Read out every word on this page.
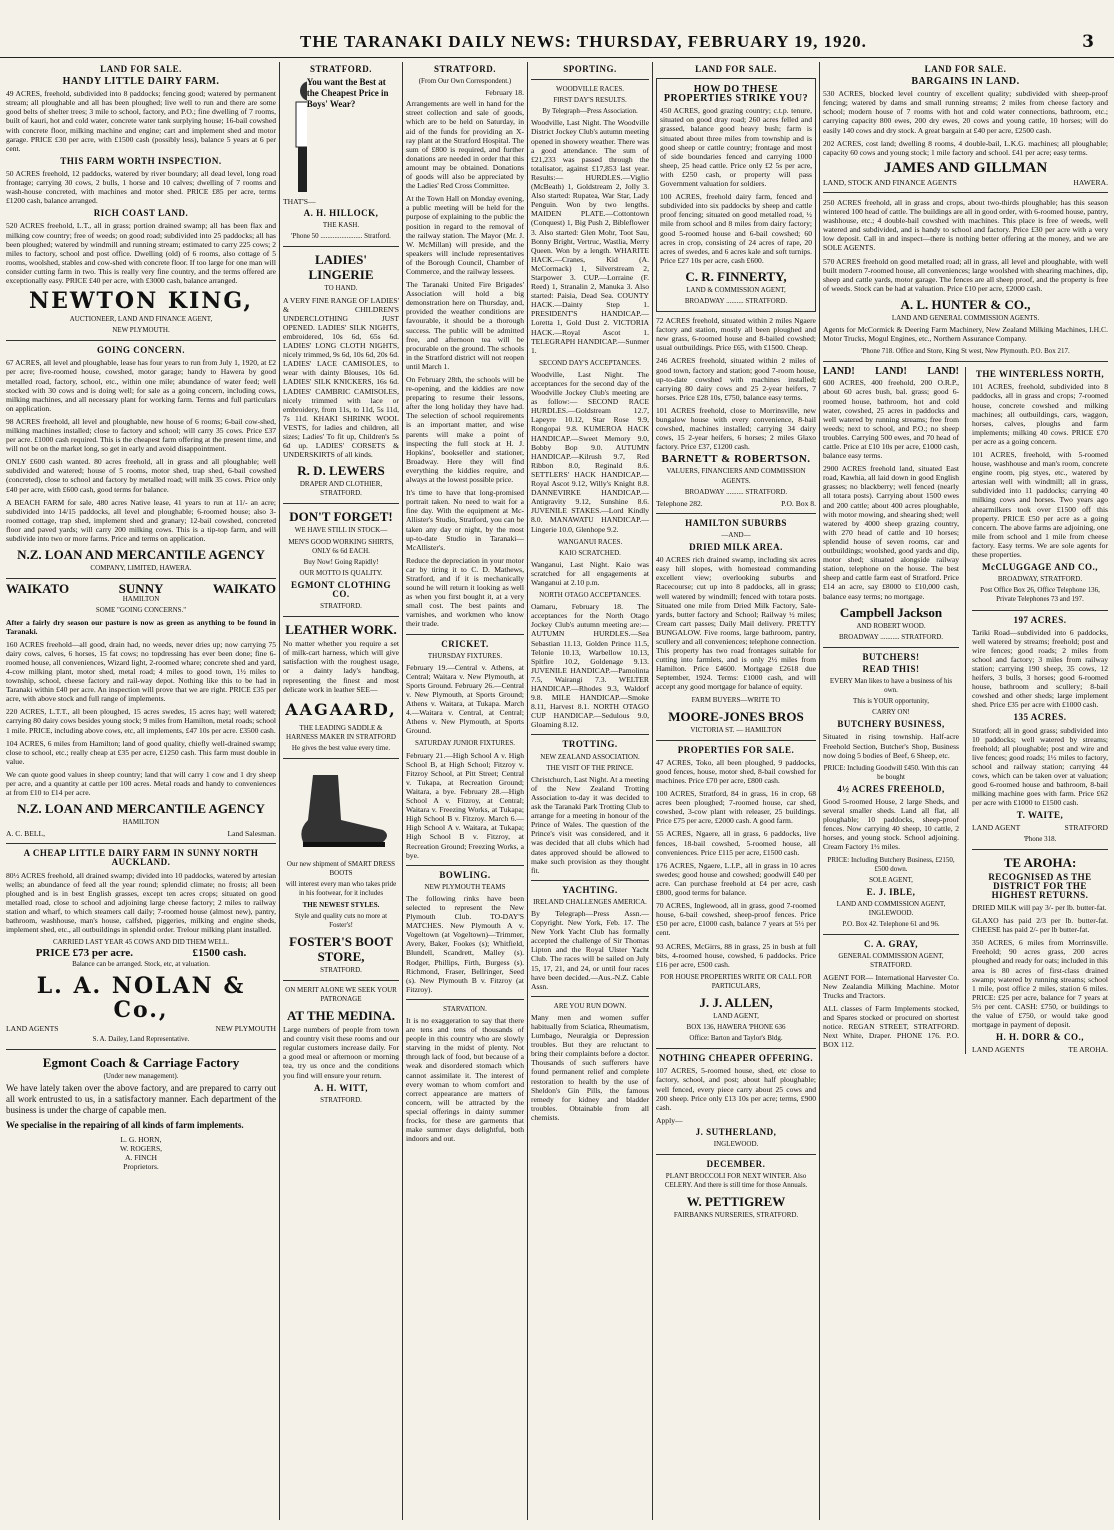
THE TARANAKI DAILY NEWS: THURSDAY, FEBRUARY 19, 1920.	3
LAND FOR SALE.
HANDY LITTLE DAIRY FARM.
49 ACRES, freehold, subdivided into 8 paddocks; fencing good; watered by permanent stream; all ploughable and all has been ploughed; live well to run and there are some good belts of shelter trees; 3 mile to school, factory, and P.O.; fine dwelling of 7 rooms, built of kauri, hot and cold water, concrete water tank surplying house; 16-bail cowshed with concrete floor, milking machine and engine; cart and implement shed and motor garage. PRICE £30 per acre, with £1500 cash (possibly less), balance 5 years at 6 per cent.
THIS FARM WORTH INSPECTION.
50 ACRES freehold, 12 paddocks, watered by river boundary; all dead level, long road frontage; carrying 30 cows, 2 bulls, 1 horse and 10 calves; dwelling of 7 rooms and wash-house concreted, with machines and motor shed. PRICE £85 per acre, terms £1200 cash, balance arranged.
RICH COAST LAND.
520 ACRES freehold, L.T., all in grass; portion drained swamp; all has been flax and milking cow country; free of weeds; on good road; subdivided into 25 paddocks; all has been ploughed; watered by windmill and running stream; estimated to carry 225 cows; 2 miles to factory, school and post office. Dwelling (old) of 6 rooms, also cottage of 5 rooms, woolshed, stables and cow-shed with concrete floor. If too large for one man will consider cutting farm in two. This is really very fine country, and the terms offered are exceptionally easy. PRICE £40 per acre, with £3000 cash, balance arranged.
NEWTON KING,
AUCTIONEER, LAND AND FINANCE AGENT,
NEW PLYMOUTH.
GOING CONCERN.
67 ACRES, all level and ploughable, lease has four years to run from July 1, 1920, at £2 per acre; five-roomed house, cowshed, motor garage; handy to Hawera by good metalled road, factory, school, etc., within one mile; abundance of water feed; well stocked with 30 cows and is doing well; for sale as a going concern, including cows, milking machines, and all necessary plant for working farm. Terms and full particulars on application.
98 ACRES freehold, all level and ploughable, new house of 6 rooms; 6-bail cow-shed, milking machines installed; close to factory and school; will carry 35 cows. Price £37 per acre. £1000 cash required. This is the cheapest farm offering at the present time, and will not be on the market long, so get in early and avoid disappointment.
ONLY £600 cash wanted. 80 acres freehold, all in grass and all ploughable; well subdivided and watered; house of 5 rooms, motor shed, trap shed, 6-bail cowshed (concreted), close to school and factory by metalled road; will milk 35 cows. Price only £40 per acre, with £600 cash, good terms for balance.
A BEACH FARM for sale, 480 acres Native lease, 41 years to run at 11/- an acre; subdivided into 14/15 paddocks, all level and ploughable; 6-roomed house; also 3-roomed cottage, trap shed, implement shed and granary; 12-bail cowshed, concreted floor and paved yards; will carry 200 milking cows. This is a tip-top farm, and will subdivide into two or more farms. Price and terms on application.
N.Z. LOAN AND MERCANTILE AGENCY
COMPANY, LIMITED, HAWERA.
WAIKATO	SUNNY	WAIKATO
HAMILTON
SOME "GOING CONCERNS."
After a fairly dry season our pasture is now as green as anything to be found in Taranaki.
160 ACRES freehold—all good, drain had, no weeds, never dries up; now carrying 75 dairy cows, calves, 6 horses, 15 fat cows; no topdressing has ever been done; fine 6-roomed house, all conveniences, Wizard light, 2-roomed whare; concrete shed and yard, 4-cow milking plant, motor shed, metal road; 4 miles to good town, 1½ miles to township, school, cheese factory and rail-way depot. Nothing like this to be had in Taranaki within £40 per acre. An inspection will prove that we are right. PRICE £35 per acre, with above stock and full range of implements.
220 ACRES, L.T.T., all been ploughed, 15 acres swedes, 15 acres hay; well watered; carrying 80 dairy cows besides young stock; 9 miles from Hamilton, metal roads; school 1 mile. PRICE, including above cows, etc, all implements, £47 10s per acre. £3500 cash.
104 ACRES, 6 miles from Hamilton; land of good quality, chiefly well-drained swamp; close to school, etc.; really cheap at £35 per acre, £1250 cash. This farm must double in value.
We can quote good values in sheep country; land that will carry 1 cow and 1 dry sheep per acre, and a quantity at cattle per 100 acres. Metal roads and handy to conveniences at from £10 to £14 per acre.
N.Z. LOAN AND MERCANTILE AGENCY
HAMILTON
A. C. BELL,	Land Salesman.
A CHEAP LITTLE DAIRY FARM IN SUNNY NORTH AUCKLAND.
80½ ACRES freehold, all drained swamp; divided into 10 paddocks, watered by artesian wells; an abundance of feed all the year round; splendid climate; no frosts; all been ploughed and is in best English grasses, except ten acres crops; situated on good metalled road, close to school and adjoining large cheese factory; 2 miles to railway station and wharf, to which steamers call daily; 7-roomed house (almost new), pantry, bathroom, washhouse, man's house, calfshed, piggeries, milking and engine sheds, implement shed, etc., all outbuildings in splendid order. Trelour milking plant installed.
CARRIED LAST YEAR 45 COWS AND DID THEM WELL.
PRICE £73 per acre.	£1500 cash.
Balance can be arranged. Stock, etc, at valuation.
L. A. NOLAN & Co.,
LAND AGENTS	NEW PLYMOUTH
S. A. Dailey, Land Representative.
Egmont Coach & Carriage Factory
(Under new management).
We have lately taken over the above factory, and are prepared to carry out all work entrusted to us, in a satisfactory manner. Each department of the business is under the charge of capable men.
We specialise in the repairing of all kinds of farm implements.
L. G. HORN,
W. ROGERS,
A. FINCH
Proprietors.
STRATFORD.
You want the Best at the Cheapest Price in Boys' Wear?
THAT'S—
A. H. HILLOCK,
THE KASH.
'Phone 50 ........................ Stratford.
LADIES' LINGERIE
TO HAND.
A VERY FINE RANGE OF LADIES' & CHILDREN'S UNDERCLOTHING JUST OPENED. LADIES' SILK NIGHTS, embroidered, 10s 6d, 65s 6d. LADIES' LONG CLOTH NIGHTS, nicely trimmed, 9s 6d, 10s 6d, 20s 6d. LADIES' LACE CAMISOLES, to wear with dainty Blouses, 10s 6d. LADIES' SILK KNICKERS, 16s 6d. LADIES' CAMBRIC CAMISOLES, nicely trimmed with lace or embroidery, from 11s, to 11d, 5s 11d, 7s 11d. KHAKI SHRINK WOOL VESTS, for ladies and children, all sizes; Ladies' To fit up, Children's 5s 6d up. LADIES' CORSETS & UNDERSKIRTS of all kinds.
R. D. LEWERS
DRAPER AND CLOTHIER, STRATFORD.
DON'T FORGET!
WE HAVE STILL IN STOCK—
MEN'S GOOD WORKING SHIRTS, ONLY 6s 6d EACH.
Buy Now! Going Rapidly!
OUR MOTTO IS QUALITY.
EGMONT CLOTHING CO.
STRATFORD.
LEATHER WORK.
No matter whether you require a set of milk-cart harness, which will give satisfaction with the roughest usage, or a dainty lady's handbag, representing the finest and most delicate work in leather SEE—
AAGAARD,
THE LEADING SADDLE & HARNESS MAKER IN STRATFORD
He gives the best value every time.
Our new shipment of SMART DRESS BOOTS
will interest every man who takes pride in his footwear, for it includes
THE NEWEST STYLES.
Style and quality cuts no more at Foster's!
FOSTER'S BOOT STORE,
STRATFORD.
ON MERIT ALONE WE SEEK YOUR PATRONAGE
AT THE MEDINA.
Large numbers of people from town and country visit these rooms and our regular customers increase daily. For a good meal or afternoon or morning tea, try us once and the conditions you find will ensure your return.
A. H. WITT,
STRATFORD.
STRATFORD.
(From Our Own Correspondent.)
February 18.
Arrangements are well in hand for the street collection and sale of goods, which are to be held on Saturday, in aid of the funds for providing an X-ray plant at the Stratford Hospital. The sum of £800 is required, and further donations are needed in order that this amount may be obtained. Donations of goods will also be appreciated by the Ladies' Red Cross Committee.
At the Town Hall on Monday evening, a public meeting will be held for the purpose of explaining to the public the position in regard to the removal of the railway station. The Mayor (Mr. J. W. McMillan) will preside, and the speakers will include representatives of the Borough Council, Chamber of Commerce, and the railway lessees.
The Taranaki United Fire Brigades' Association will hold a big demonstration here on Thursday, and, provided the weather conditions are favourable, it should be a thorough success. The public will be admitted free, and afternoon tea will be procurable on the ground. The schools in the Stratford district will not reopen until March 1.
On February 28th, the schools will be re-opening, and the kiddies are now preparing to resume their lessons, after the long holiday they have had. The selection of school requirements is an important matter, and wise parents will make a point of inspecting the full stock at H. J. Hopkins', bookseller and stationer, Broadway. Here they will find everything the kiddies require, and always at the lowest possible price.
It's time to have that long-promised portrait taken. No need to wait for a fine day. With the equipment at Mc-Allister's Studio, Stratford, you can be taken any day or night, by the most up-to-date Studio in Taranaki—McAllister's.
Reduce the depreciation in your motor car by tiring it to C. D. Mathews, Stratford, and if it is mechanically sound he will return it looking as well as when you first bought it, at a very small cost. The best paints and varnishes, and workmen who know their trade.
CRICKET.
THURSDAY FIXTURES.
February 19.—Central v. Athens, at Central; Waitara v. New Plymouth, at Sports Ground. February 26.—Central v. New Plymouth, at Sports Ground; Athens v. Waitara, at Tukapa. March 4.—Waitara v. Central, at Central; Athens v. New Plymouth, at Sports Ground.
SATURDAY JUNIOR FIXTURES.
February 21.—High School A v. High School B, at High School; Fitzroy v. Fitzroy School, at Pitt Street; Central v. Tukapa, at Recreation Ground; Waitara, a bye. February 28.—High School A v. Fitzroy, at Central; Waitara v. Freezing Works, at Tukapa; High School B v. Fitzroy. March 6.—High School A v. Waitara, at Tukapa; High School B v. Fitzroy, at Recreation Ground; Freezing Works, a bye.
BOWLING.
NEW PLYMOUTH TEAMS
The following rinks have been selected to represent the New Plymouth Club. TO-DAY'S MATCHES. New Plymouth A v. Vogeltown (at Vogeltown)—Trimmer, Avery, Baker, Fookes (s); Whitfield, Blundell, Scandrett, Malley (s). Rodger, Phillips, Firth, Burgess (s). Richmond, Fraser, Bellringer, Seed (s). New Plymouth B v. Fitzroy (at Fitzroy).
STARVATION.
It is no exaggeration to say that there are tens and tens of thousands of people in this country who are slowly starving in the midst of plenty. Not through lack of food, but because of a weak and disordered stomach which cannot assimilate it. The interest of every woman to whom comfort and correct appearance are matters of concern, will be attracted by the special offerings in dainty summer frocks, for these are garments that make summer days delightful, both indoors and out.
SPORTING.
WOODVILLE RACES.
FIRST DAY'S RESULTS.
By Telegraph—Press Association.
Woodville, Last Night. The Woodville District Jockey Club's autumn meeting opened in showery weather. There was a good attendance. The sum of £21,233 was passed through the totalisator, against £17,853 last year. Results:— HURDLES.—Viglio (McBeath) 1, Goldstream 2, Jolly 3. Also started: Rupatea, War Star, Lady Penguin. Won by two lengths. MAIDEN PLATE.—Cottontown (Conquest) 1, Big Push 2, Bibleflower 3. Also started: Glen Mohr, Toot Sau, Bonny Bright, Vertruc, Wastlia, Merry Queen. Won by a length. WHARITE HACK.—Cranes, Kid (A. McCormack) 1, Silverstream 2, Starpower 3. CUP.—Lorraine (F. Reed) 1, Stranalin 2, Manuka 3. Also started: Paisia, Dead Sea. COUNTY HACK.—Dainty Step 1. PRESIDENT'S HANDICAP.—Loretta 1, Gold Dust 2. VICTORIA HACK.—Royal Ascot 1. TELEGRAPH HANDICAP.—Sunmer 1.
SECOND DAY'S ACCEPTANCES.
Woodville, Last Night. The acceptances for the second day of the Woodville Jockey Club's meeting are as follow:— SECOND RACE HURDLES.—Goldstream 12.7, Lapeyre 10.12, Star Rose 9.9, Rongopai 9.8. KUMEROA HACK HANDICAP.—Sweet Memory 9.0, Bobby Bop 9.0. AUTUMN HANDICAP.—Kilrush 9.7, Red Ribbon 8.0, Reginald 8.6. SETTLERS' HACK HANDICAP.—Royal Ascot 9.12, Willy's Knight 8.8. DANNEVIRKE HANDICAP.—Antigravity 9.12, Sunshine 8.6. JUVENILE STAKES.—Lord Kindly 8.0. MANAWATU HANDICAP.—Lingerie 10.0, Glenhope 9.2.
WANGANUI RACES.
KAIO SCRATCHED.
Wanganui, Last Night. Kaio was scratched for all engagements at Wanganui at 2.10 p.m.
NORTH OTAGO ACCEPTANCES.
Oamaru, February 18. The acceptances for the North Otago Jockey Club's autumn meeting are:— AUTUMN HURDLES.—Sea Sebastian 11.13, Golden Prince 11.5, Telonie 10.13, Warbellow 10.13, Spitfire 10.2, Goldenage 9.13. JUVENILE HANDICAP.—Pamolinta 7.5, Wairangi 7.3. WELTER HANDICAP.—Rhodes 9.3, Waldorf 9.8. MILE HANDICAP.—Smoke 8.11, Harvest 8.1. NORTH OTAGO CUP HANDICAP.—Sedulous 9.0, Gloaming 8.12.
TROTTING.
NEW ZEALAND ASSOCIATION.
THE VISIT OF THE PRINCE.
Christchurch, Last Night. At a meeting of the New Zealand Trotting Association to-day it was decided to ask the Taranaki Park Trotting Club to arrange for a meeting in honour of the Prince of Wales. The question of the Prince's visit was considered, and it was decided that all clubs which had dates approved should be allowed to make such provision as they thought fit.
YACHTING.
IRELAND CHALLENGES AMERICA.
By Telegraph—Press Assn.—Copyright. New York, Feb. 17. The New York Yacht Club has formally accepted the challenge of Sir Thomas Lipton and the Royal Ulster Yacht Club. The races will be sailed on July 15, 17, 21, and 24, or until four races have been decided.—Aus.-N.Z. Cable Assn.
ARE YOU RUN DOWN.
Many men and women suffer habitually from Sciatica, Rheumatism, Lumbago, Neuralgia or Depression troubles. But they are reluctant to bring their complaints before a doctor. Thousands of such sufferers have found permanent relief and complete restoration to health by the use of Sheldon's Gin Pills, the famous remedy for kidney and bladder troubles. Obtainable from all chemists.
LAND FOR SALE.
HOW DO THESE PROPERTIES STRIKE YOU?
450 ACRES, good grazing country; c.t.p. tenure, situated on good dray road; 260 acres felled and grassed, balance good heavy bush; farm is situated about three miles from township and is good sheep or cattle country; frontage and most of side boundaries fenced and carrying 1000 sheep, 25 head cattle. Price only £2 5s per acre, with £250 cash, or property will pass Government valuation for soldiers.
100 ACRES, freehold dairy farm, fenced and subdivided into six paddocks by sheep and cattle proof fencing; situated on good metalled road, ½ mile from school and 8 miles from dairy factory; good 5-roomed house and 6-bail cowshed; 60 acres in crop, consisting of 24 acres of rape, 20 acres of swedes, and 6 acres kale and soft turnips. Price £27 10s per acre, cash £600.
C. R. FINNERTY,
LAND & COMMISSION AGENT,
BROADWAY .......... STRATFORD.
72 ACRES freehold, situated within 2 miles Ngaere factory and station, mostly all been ploughed and new grass, 6-roomed house and 8-bailed cowshed; usual outbuildings. Price £65, with £1500. Cheap.
246 ACRES freehold, situated within 2 miles of good town, factory and station; good 7-room house, up-to-date cowshed with machines installed; carrying 80 dairy cows and 25 2-year heifers, 7 horses. Price £28 10s, £750, balance easy terms.
101 ACRES freehold, close to Morrinsville, new bungalow house with every convenience, 8-bail cowshed, machines installed; carrying 34 dairy cows, 15 2-year heifers, 6 horses; 2 miles Glaxo factory. Price £37, £1200 cash.
BARNETT & ROBERTSON.
VALUERS, FINANCIERS AND COMMISSION AGENTS.
BROADWAY .......... STRATFORD.
Telephone 282.	P.O. Box 8.
HAMILTON SUBURBS
—AND—
DRIED MILK AREA.
40 ACRES rich drained swamp, including six acres easy hill slopes, with homestead commanding excellent view; overlooking suburbs and Racecourse; cut up into 8 paddocks, all in grass; well watered by windmill; fenced with totara posts. Situated one mile from Dried Milk Factory, Sale-yards, butter factory and School; Railway ½ miles; Cream cart passes; Daily Mail delivery. PRETTY BUNGALOW. Five rooms, large bathroom, pantry, scullery and all conveniences; telephone connection. This property has two road frontages suitable for cutting into farmlets, and is only 2½ miles from Hamilton. Price £4600. Mortgage £2618 due September, 1924. Terms: £1000 cash, and will accept any good mortgage for balance of equity.
FARM BUYERS—WRITE TO
MOORE-JONES BROS
VICTORIA ST. — HAMILTON
PROPERTIES FOR SALE.
47 ACRES, Toko, all been ploughed, 9 paddocks, good fences, house, motor shed, 8-bail cowshed for machines. Price £70 per acre, £800 cash.
100 ACRES, Stratford, 84 in grass, 16 in crop, 68 acres been ploughed; 7-roomed house, car shed, cowshed, 3-cow plant with releaser, 25 buildings. Price £75 per acre, £2000 cash. A good farm.
55 ACRES, Ngaere, all in grass, 6 paddocks, live fences, 18-bail cowshed, 5-roomed house, all conveniences. Price £115 per acre, £1500 cash.
176 ACRES, Ngaere, L.I.P., all in grass in 10 acres swedes; good house and cowshed; goodwill £40 per acre. Can purchase freehold at £4 per acre, cash £800, good terms for balance.
70 ACRES, Inglewood, all in grass, good 7-roomed house, 6-bail cowshed, sheep-proof fences. Price £50 per acre, £1000 cash, balance 7 years at 5½ per cent.
93 ACRES, McGirrs, 88 in grass, 25 in bush at full bits, 4-roomed house, cowshed, 6 paddocks. Price £16 per acre, £500 cash.
FOR HOUSE PROPERTIES WRITE OR CALL FOR PARTICULARS,
J. J. ALLEN,
LAND AGENT,
BOX 136, HAWERA 'PHONE 636
Office: Barton and Taylor's Bldg.
NOTHING CHEAPER OFFERING.
107 ACRES, 5-roomed house, shed, etc close to factory, school, and post; about half ploughable; well fenced, every piece carry about 25 cows and 200 sheep. Price only £13 10s per acre; terms, £900 cash.
Apply—
J. SUTHERLAND,
INGLEWOOD.
DECEMBER.
PLANT BROCCOLI FOR NEXT WINTER. Also CELERY. And there is still time for those Annuals.
W. PETTIGREW
FAIRBANKS NURSERIES, STRATFORD.
LAND FOR SALE.
BARGAINS IN LAND.
530 ACRES, blocked level country of excellent quality; subdivided with sheep-proof fencing; watered by dams and small running streams; 2 miles from cheese factory and school; modern house of 7 rooms with hot and cold water connections, bathroom, etc.; carrying capacity 800 ewes, 200 dry ewes, 20 cows and young cattle, 10 horses; will do easily 140 cows and dry stock. A great bargain at £40 per acre, £2500 cash.
202 ACRES, cost land; dwelling 8 rooms, 4 double-bail, L.K.G. machines; all ploughable; capacity 60 cows and young stock; 1 mile factory and school. £41 per acre; easy terms.
JAMES AND GILLMAN
LAND, STOCK AND FINANCE AGENTS	HAWERA.
250 ACRES freehold, all in grass and crops, about two-thirds ploughable; has this season wintered 100 head of cattle. The buildings are all in good order, with 6-roomed house, pantry, washhouse, etc.; 4 double-bail cowshed with machines. This place is free of weeds, well watered and subdivided, and is handy to school and factory. Price £30 per acre with a very low deposit. Call in and inspect—there is nothing better offering at the money, and we are SOLE AGENTS.
570 ACRES freehold on good metalled road; all in grass, all level and ploughable, with well built modern 7-roomed house, all conveniences; large woolshed with shearing machines, dip, sheep and cattle yards, motor garage. The fences are all sheep proof, and the property is free of weeds. Stock can be had at valuation. Price £10 per acre, £2000 cash.
A. L. HUNTER & CO.,
LAND AND GENERAL COMMISSION AGENTS.
Agents for McCormick & Deering Farm Machinery, New Zealand Milking Machines, I.H.C. Motor Trucks, Mogul Engines, etc., Northern Assurance Company.
'Phone 718. Office and Store, King St west, New Plymouth. P.O. Box 217.
LAND! LAND! LAND!
600 ACRES, 400 freehold, 200 O.R.P., about 60 acres bush, bal. grass; good 6-roomed house, bathroom, hot and cold water, cowshed, 25 acres in paddocks and well watered by running streams; free from weeds; next to school, and P.O.; no sheep troubles. Carrying 500 ewes, and 70 head of cattle. Price at £10 10s per acre, £1000 cash, balance easy terms.
2900 ACRES freehold land, situated East road, Kawhia, all laid down in good English grasses; no blackberry; well fenced (nearly all totara posts). Carrying about 1500 ewes and 200 cattle; about 400 acres ploughable, with motor mowing, and shearing shed; well watered by 4000 sheep grazing country, with 270 head of cattle and 10 horses; splendid house of seven rooms, car and outbuildings; woolshed, good yards and dip, motor shed; situated alongside railway station, telephone on the house. The best sheep and cattle farm east of Stratford. Price £14 an acre, say £8000 to £10,000 cash, balance easy terms; no mortgage.
Campbell Jackson
AND ROBERT WOOD.
BROADWAY ........... STRATFORD.
BUTCHERS!
READ THIS!
EVERY Man likes to have a business of his own.
This is YOUR opportunity,
CARRY ON!
BUTCHERY BUSINESS,
Situated in rising township. Half-acre Freehold Section, Butcher's Shop, Business now doing 5 bodies of Beef, 6 Sheep, etc.
PRICE: Including Goodwill £450. With this can be bought
4½ ACRES FREEHOLD,
Good 5-roomed House, 2 large Sheds, and several smaller sheds. Land all flat, all ploughable; 10 paddocks, sheep-proof fences. Now carrying 40 sheep, 10 cattle, 2 horses, and young stock. School adjoining. Cream Factory 1½ miles.
PRICE: Including Butchery Business, £2150, £500 down.
SOLE AGENT,
E. J. IBLE,
LAND AND COMMISSION AGENT, INGLEWOOD.
P.O. Box 42. Telephone 61 and 96.
C. A. GRAY,
GENERAL COMMISSION AGENT, STRATFORD.
AGENT FOR— International Harvester Co. New Zealandia Milking Machine. Motor Trucks and Tractors.
ALL classes of Farm Implements stocked, and Spares stocked or procured on shortest notice. REGAN STREET, STRATFORD. Next White, Draper. PHONE 176. P.O. BOX 112.
THE WINTERLESS NORTH,
101 ACRES, freehold, subdivided into 8 paddocks, all in grass and crops; 7-roomed house, concrete cowshed and milking machines; all outbuildings, cars, waggon, horses, calves, ploughs and farm implements; milking 40 cows. PRICE £70 per acre as a going concern.
101 ACRES, freehold, with 5-roomed house, washhouse and man's room, concrete engine room, pig styes, etc., watered by artesian well with windmill; all in grass, subdivided into 11 paddocks; carrying 40 milking cows and horses. Two years ago ahearmilkers took over £1500 off this property. PRICE £50 per acre as a going concern. The above farms are adjoining, one mile from school and 1 mile from cheese factory. Easy terms. We are sole agents for these properties.
McCLUGGAGE AND CO.,
BROADWAY, STRATFORD.
Post Office Box 26, Office Telephone 136, Private Telephones 73 and 197.
197 ACRES.
Tariki Road—subdivided into 6 paddocks, well watered by streams; freehold; post and wire fences; good roads; 2 miles from school and factory; 3 miles from railway station; carrying 190 sheep, 35 cows, 12 heifers, 3 bulls, 3 horses; good 6-roomed house, bathroom and scullery; 8-bail cowshed and other sheds; large implement shed. Price £35 per acre with £1000 cash.
135 ACRES.
Stratford; all in good grass; subdivided into 10 paddocks; well watered by streams; freehold; all ploughable; post and wire and live fences; good roads; 1½ miles to factory, school and railway station; carrying 44 cows, which can be taken over at valuation; good 6-roomed house and bathroom, 8-bail milking machine goes with farm. Price £62 per acre with £1000 to £1500 cash.
T. WAITE,
LAND AGENT	STRATFORD
'Phone 318.
TE AROHA:
RECOGNISED AS THE DISTRICT FOR THE HIGHEST RETURNS.
DRIED MILK will pay 3/- per lb. butter-fat.
GLAXO has paid 2/3 per lb. butter-fat. CHEESE has paid 2/- per lb butter-fat.
350 ACRES, 6 miles from Morrinsville. Freehold; 90 acres grass, 200 acres ploughed and ready for oats; included in this area is 80 acres of first-class drained swamp; watered by running streams; school 1 mile, post office 2 miles, station 6 miles. PRICE: £25 per acre, balance for 7 years at 5½ per cent. CASH: £750, or buildings to the value of £750, or would take good mortgage in payment of deposit.
H. H. DORR & CO.,
LAND AGENTS	TE AROHA.
